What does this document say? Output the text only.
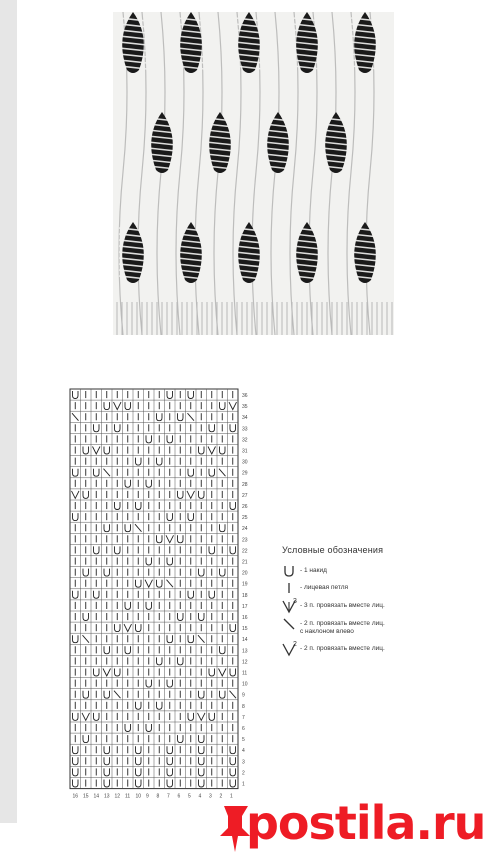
36
35
34
33
32
31
30
29
28
27
26
25
24
23
22
21
20
19
18
17
16
15
14
13
12
11
10
9
8
7
6
5
4
3
2
1
16 15 14 13 12 11 10 9 8 7 6 5 4 3 2 1
Условные обозначения
- 1 накид
- лицевая петля
3
- 3 п. провязать вместе лиц.
- 2 п. провязать вместе лиц.
с наклоном влево
2
- 2 п. провязать вместе лиц.
postila.ru
